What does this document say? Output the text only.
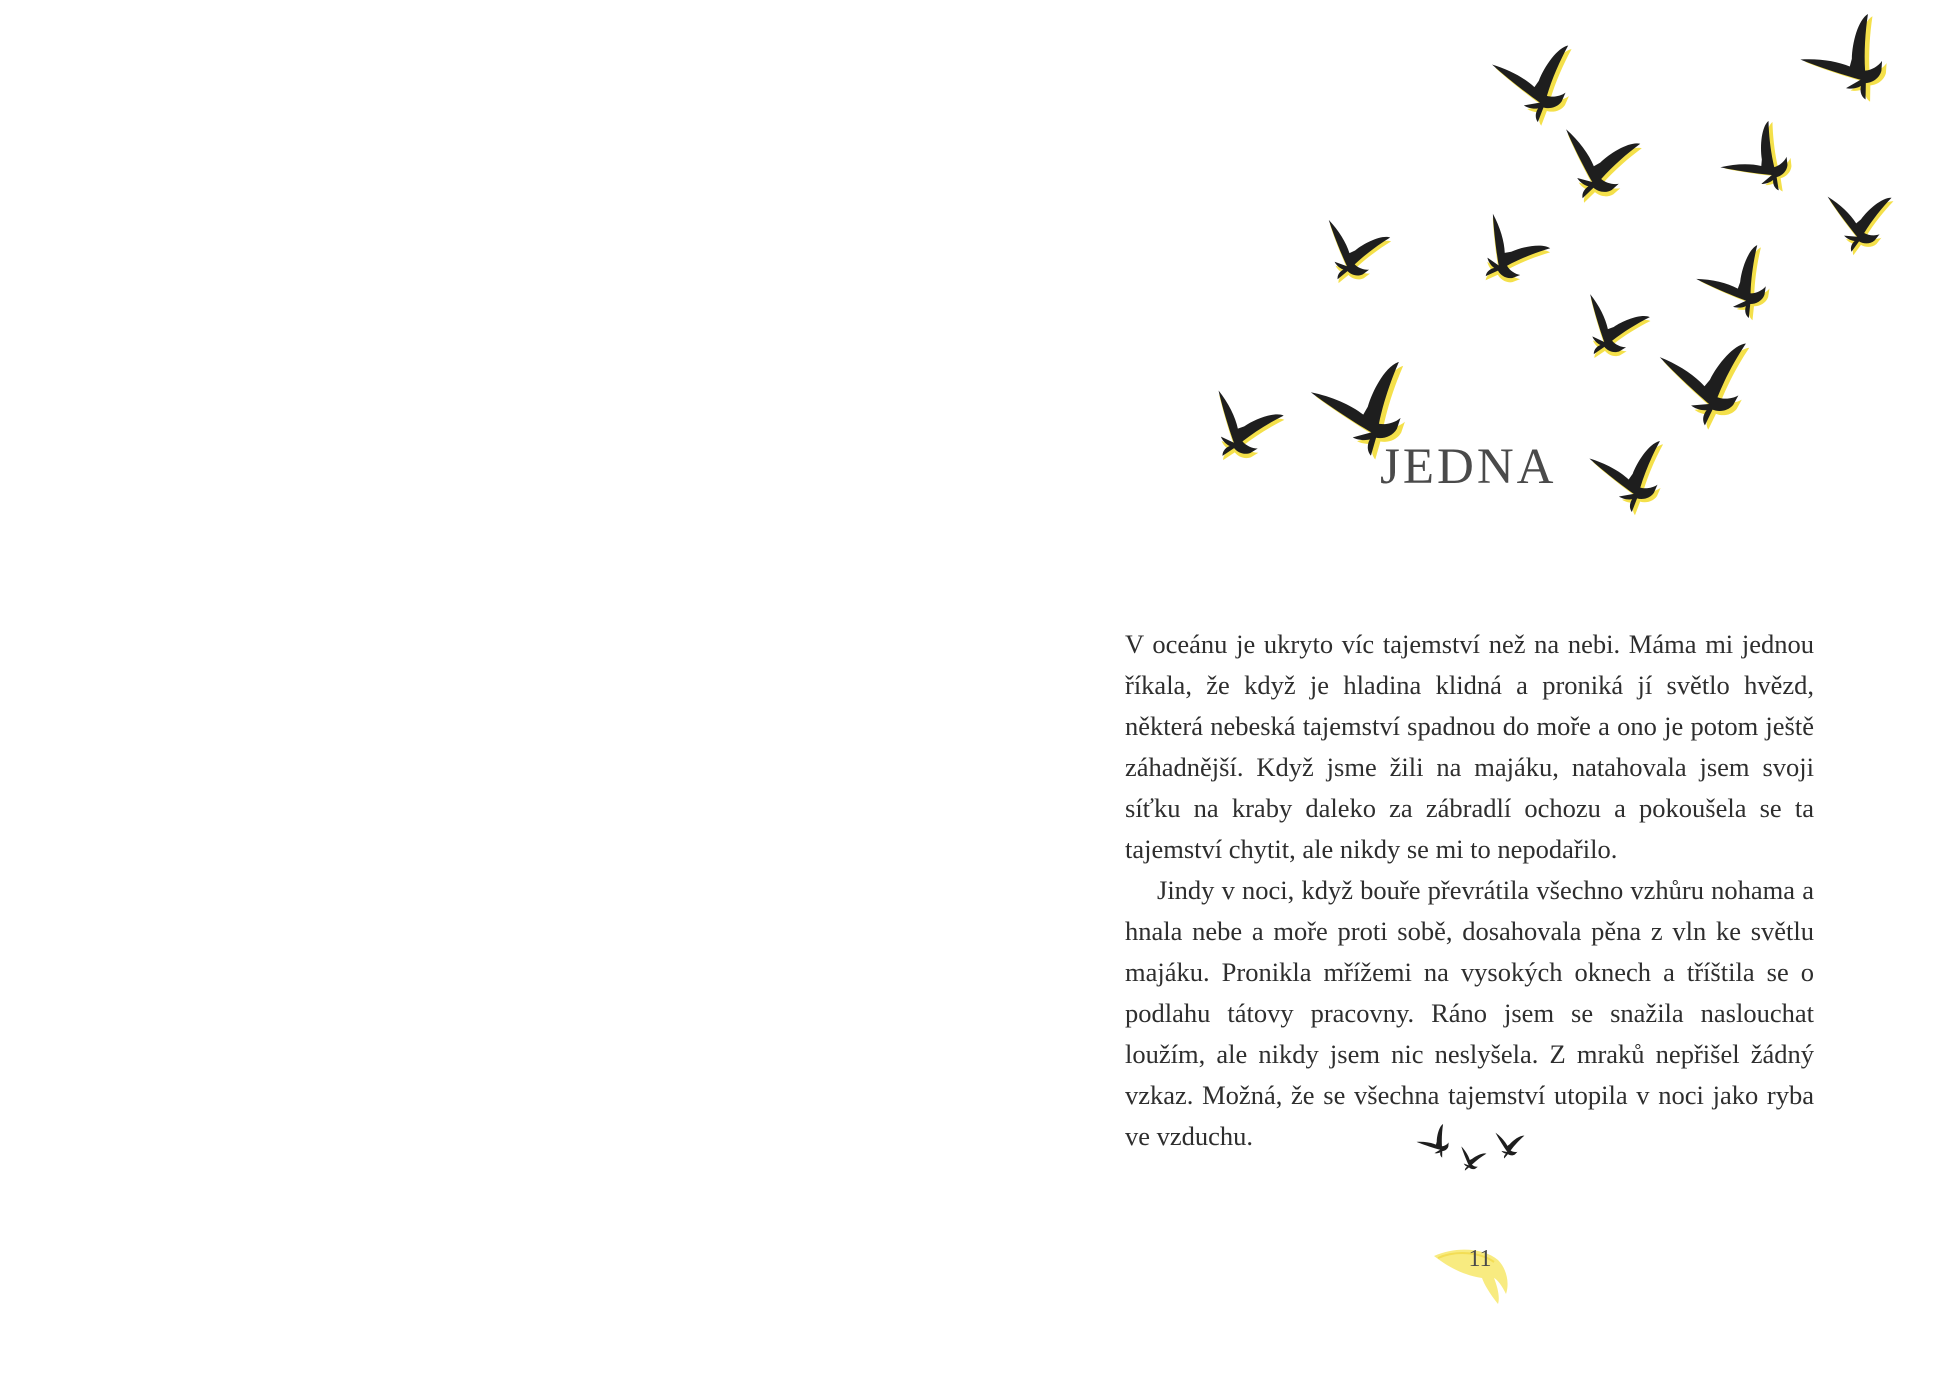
JEDNA

V oceánu je ukryto víc tajemství než na nebi. Máma mi jednou říkala, že když je hladina klidná a proniká jí světlo hvězd, některá nebeská tajemství spadnou do moře a ono je potom ještě záhadnější. Když jsme žili na majáku, natahovala jsem svoji síťku na kraby daleko za zábradlí ochozu a pokoušela se ta tajemství chytit, ale nikdy se mi to nepodařilo.

Jindy v noci, když bouře převrátila všechno vzhůru nohama a hnala nebe a moře proti sobě, dosahovala pěna z vln ke světlu majáku. Pronikla mřížemi na vysokých oknech a tříštila se o podlahu tátovy pracovny. Ráno jsem se snažila naslouchat loužím, ale nikdy jsem nic neslyšela. Z mraků nepřišel žádný vzkaz. Možná, že se všechna tajemství utopila v noci jako ryba ve vzduchu.

11
